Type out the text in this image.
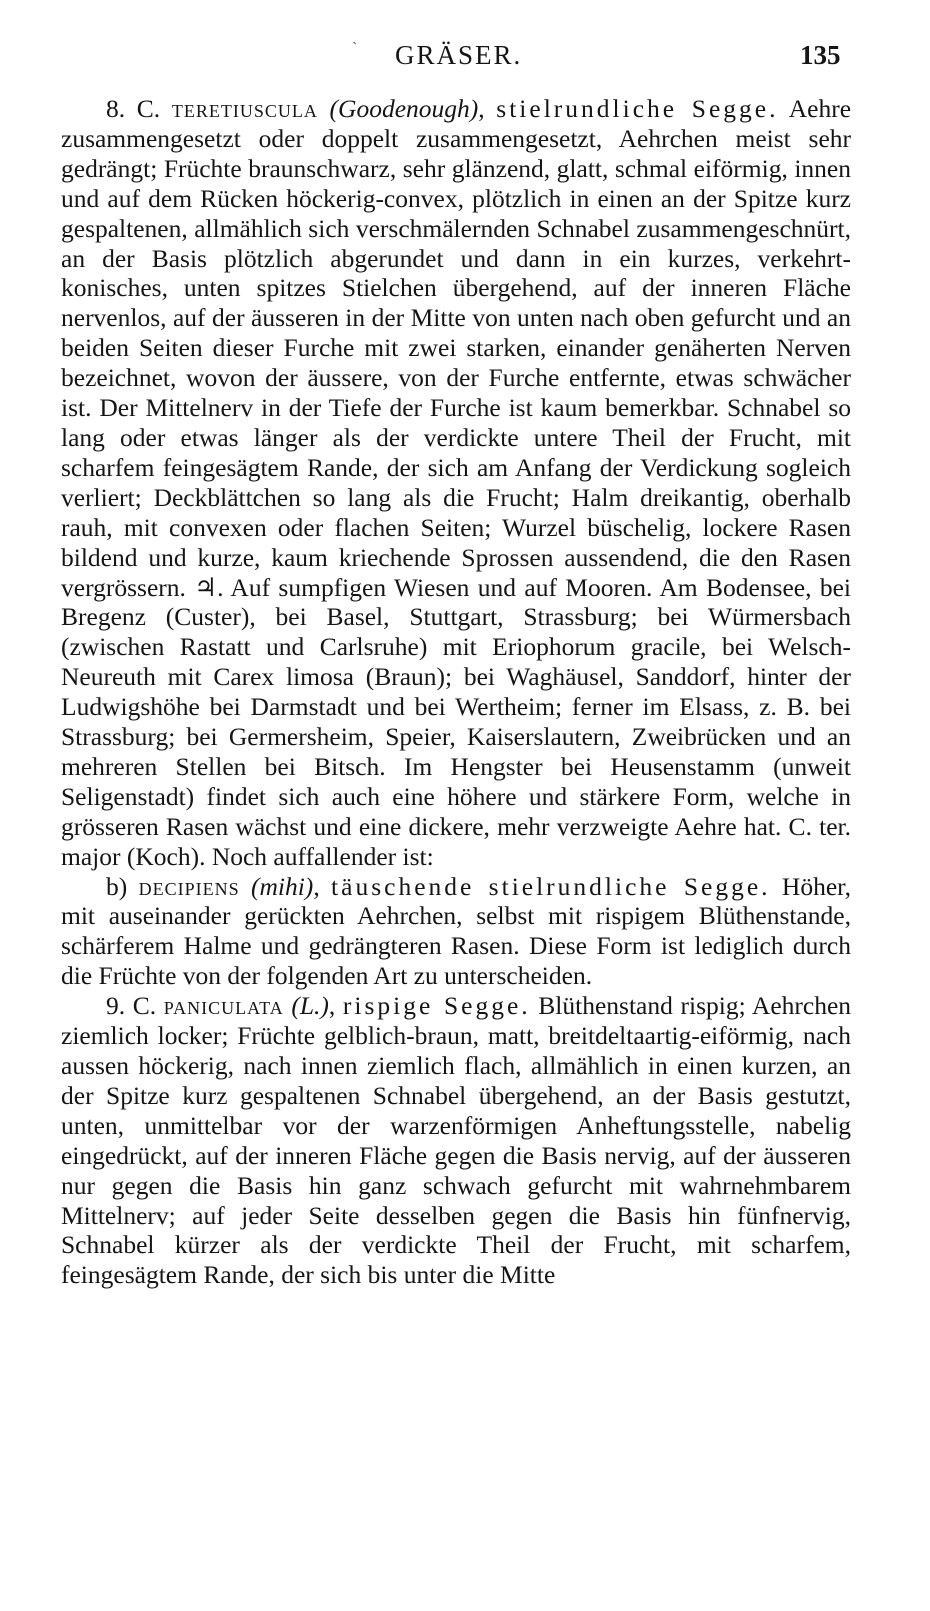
ˎ
GRÄSER.	135

8. C. teretiuscula (Goodenough), stielrundliche Segge. Aehre zusammengesetzt oder doppelt zusammengesetzt, Aehrchen meist sehr gedrängt; Früchte braunschwarz, sehr glänzend, glatt, schmal eiförmig, innen und auf dem Rücken höckerig-convex, plötzlich in einen an der Spitze kurz gespaltenen, allmählich sich verschmälernden Schnabel zusammengeschnürt, an der Basis plötzlich abgerundet und dann in ein kurzes, verkehrt-konisches, unten spitzes Stielchen übergehend, auf der inneren Fläche nervenlos, auf der äusseren in der Mitte von unten nach oben gefurcht und an beiden Seiten dieser Furche mit zwei starken, einander genäherten Nerven bezeichnet, wovon der äussere, von der Furche entfernte, etwas schwächer ist. Der Mittelnerv in der Tiefe der Furche ist kaum bemerkbar. Schnabel so lang oder etwas länger als der verdickte untere Theil der Frucht, mit scharfem feingesägtem Rande, der sich am Anfang der Verdickung sogleich verliert; Deckblättchen so lang als die Frucht; Halm dreikantig, oberhalb rauh, mit convexen oder flachen Seiten; Wurzel büschelig, lockere Rasen bildend und kurze, kaum kriechende Sprossen aussendend, die den Rasen vergrössern. ♃. Auf sumpfigen Wiesen und auf Mooren. Am Bodensee, bei Bregenz (Custer), bei Basel, Stuttgart, Strassburg; bei Würmersbach (zwischen Rastatt und Carlsruhe) mit Eriophorum gracile, bei Welsch-Neureuth mit Carex limosa (Braun); bei Waghäusel, Sanddorf, hinter der Ludwigshöhe bei Darmstadt und bei Wertheim; ferner im Elsass, z. B. bei Strassburg; bei Germersheim, Speier, Kaiserslautern, Zweibrücken und an mehreren Stellen bei Bitsch. Im Hengster bei Heusenstamm (unweit Seligenstadt) findet sich auch eine höhere und stärkere Form, welche in grösseren Rasen wächst und eine dickere, mehr verzweigte Aehre hat. C. ter. major (Koch). Noch auffallender ist:

b) decipiens (mihi), täuschende stielrundliche Segge. Höher, mit auseinander gerückten Aehrchen, selbst mit rispigem Blüthenstande, schärferem Halme und gedrängteren Rasen. Diese Form ist lediglich durch die Früchte von der folgenden Art zu unterscheiden.

9. C. paniculata (L.), rispige Segge. Blüthenstand rispig; Aehrchen ziemlich locker; Früchte gelblich-braun, matt, breitdeltaartig-eiförmig, nach aussen höckerig, nach innen ziemlich flach, allmählich in einen kurzen, an der Spitze kurz gespaltenen Schnabel übergehend, an der Basis gestutzt, unten, unmittelbar vor der warzenförmigen Anheftungsstelle, nabelig eingedrückt, auf der inneren Fläche gegen die Basis nervig, auf der äusseren nur gegen die Basis hin ganz schwach gefurcht mit wahrnehmbarem Mittelnerv; auf jeder Seite desselben gegen die Basis hin fünfnervig, Schnabel kürzer als der verdickte Theil der Frucht, mit scharfem, feingesägtem Rande, der sich bis unter die Mitte
